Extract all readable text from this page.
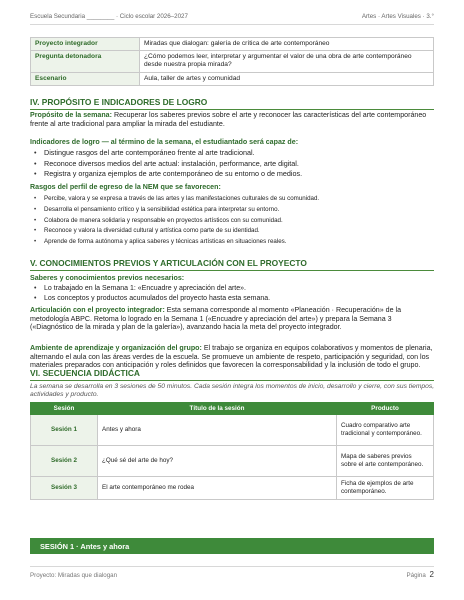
Escuela Secundaria ________ · Ciclo escolar 2026–2027	Artes · Artes Visuales · 3.°
Proyecto integrador	Miradas que dialogan: galería de crítica de arte contemporáneo
Pregunta detonadora	¿Cómo podemos leer, interpretar y argumentar el valor de una obra de arte contemporáneo desde nuestra propia mirada?
Escenario	Aula, taller de artes y comunidad
IV. PROPÓSITO E INDICADORES DE LOGRO
Propósito de la semana: Recuperar los saberes previos sobre el arte y reconocer las características del arte contemporáneo frente al arte tradicional para ampliar la mirada del estudiante.
Indicadores de logro — al término de la semana, el estudiantado será capaz de:
• Distingue rasgos del arte contemporáneo frente al arte tradicional.
• Reconoce diversos medios del arte actual: instalación, performance, arte digital.
• Registra y organiza ejemplos de arte contemporáneo de su entorno o de medios.
Rasgos del perfil de egreso de la NEM que se favorecen:
• Percibe, valora y se expresa a través de las artes y las manifestaciones culturales de su comunidad.
• Desarrolla el pensamiento crítico y la sensibilidad estética para interpretar su entorno.
• Colabora de manera solidaria y responsable en proyectos artísticos con su comunidad.
• Reconoce y valora la diversidad cultural y artística como parte de su identidad.
• Aprende de forma autónoma y aplica saberes y técnicas artísticas en situaciones reales.
V. CONOCIMIENTOS PREVIOS Y ARTICULACIÓN CON EL PROYECTO
Saberes y conocimientos previos necesarios:
• Lo trabajado en la Semana 1: «Encuadre y apreciación del arte».
• Los conceptos y productos acumulados del proyecto hasta esta semana.
Articulación con el proyecto integrador: Esta semana corresponde al momento «Planeación · Recuperación» de la metodología ABPC. Retoma lo logrado en la Semana 1 («Encuadre y apreciación del arte») y prepara la Semana 3 («Diagnóstico de la mirada y plan de la galería»), avanzando hacia la meta del proyecto integrador.
Ambiente de aprendizaje y organización del grupo: El trabajo se organiza en equipos colaborativos y momentos de plenaria, alternando el aula con las áreas verdes de la escuela. Se promueve un ambiente de respeto, participación y seguridad, con los materiales preparados con anticipación y roles definidos que favorecen la corresponsabilidad y la inclusión de todo el grupo.
VI. SECUENCIA DIDÁCTICA
La semana se desarrolla en 3 sesiones de 50 minutos. Cada sesión integra los momentos de inicio, desarrollo y cierre, con sus tiempos, actividades y producto.
Sesión	Título de la sesión	Producto
Sesión 1	Antes y ahora	Cuadro comparativo arte tradicional y contemporáneo.
Sesión 2	¿Qué sé del arte de hoy?	Mapa de saberes previos sobre el arte contemporáneo.
Sesión 3	El arte contemporáneo me rodea	Ficha de ejemplos de arte contemporáneo.
SESIÓN 1 · Antes y ahora
Proyecto: Miradas que dialogan	Página 2
